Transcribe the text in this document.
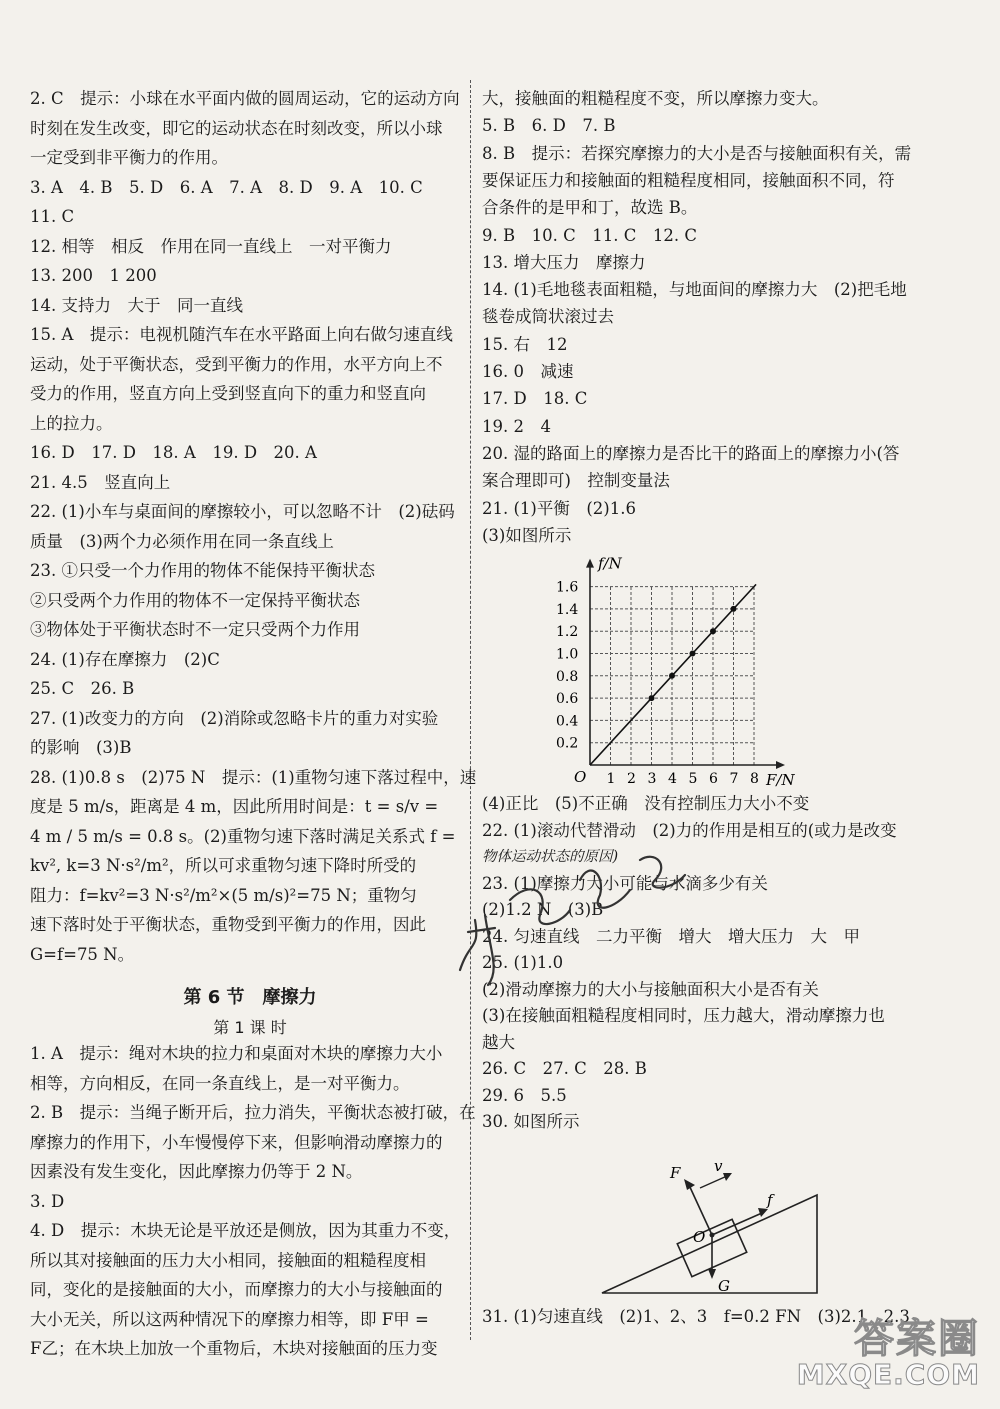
2. C　提示：小球在水平面内做的圆周运动，它的运动方向
时刻在发生改变，即它的运动状态在时刻改变，所以小球
一定受到非平衡力的作用。
3. A　4. B　5. D　6. A　7. A　8. D　9. A　10. C
11. C
12. 相等　相反　作用在同一直线上　一对平衡力
13. 200　1 200
14. 支持力　大于　同一直线
15. A　提示：电视机随汽车在水平路面上向右做匀速直线
运动，处于平衡状态，受到平衡力的作用，水平方向上不
受力的作用，竖直方向上受到竖直向下的重力和竖直向
上的拉力。
16. D　17. D　18. A　19. D　20. A
21. 4.5　竖直向上
22. (1)小车与桌面间的摩擦较小，可以忽略不计　(2)砝码
质量　(3)两个力必须作用在同一条直线上
23. ①只受一个力作用的物体不能保持平衡状态
②只受两个力作用的物体不一定保持平衡状态
③物体处于平衡状态时不一定只受两个力作用
24. (1)存在摩擦力　(2)C
25. C　26. B
27. (1)改变力的方向　(2)消除或忽略卡片的重力对实验
的影响　(3)B
28. (1)0.8 s　(2)75 N　提示：(1)重物匀速下落过程中，速
度是 5 m/s，距离是 4 m，因此所用时间是：t = s/v =
4 m / 5 m/s = 0.8 s。(2)重物匀速下落时满足关系式 f =
kv², k=3 N·s²/m²，所以可求重物匀速下降时所受的
阻力：f=kv²=3 N·s²/m²×(5 m/s)²=75 N；重物匀
速下落时处于平衡状态，重物受到平衡力的作用，因此
G=f=75 N。
第 6 节　摩擦力
第 1 课 时
1. A　提示：绳对木块的拉力和桌面对木块的摩擦力大小
相等，方向相反，在同一条直线上，是一对平衡力。
2. B　提示：当绳子断开后，拉力消失，平衡状态被打破，在
摩擦力的作用下，小车慢慢停下来，但影响滑动摩擦力的
因素没有发生变化，因此摩擦力仍等于 2 N。
3. D
4. D　提示：木块无论是平放还是侧放，因为其重力不变，
所以其对接触面的压力大小相同，接触面的粗糙程度相
同，变化的是接触面的大小，而摩擦力的大小与接触面的
大小无关，所以这两种情况下的摩擦力相等，即 F甲 =
F乙；在木块上加放一个重物后，木块对接触面的压力变
1 2 3 4 5 6 7 8
0.2
0.4
0.6
0.8
1.0
1.2
1.4
1.6
O
f/N
F/N
F v
f
O
G
大，接触面的粗糙程度不变，所以摩擦力变大。
5. B　6. D　7. B
8. B　提示：若探究摩擦力的大小是否与接触面积有关，需
要保证压力和接触面的粗糙程度相同，接触面积不同，符
合条件的是甲和丁，故选 B。
9. B　10. C　11. C　12. C
13. 增大压力　摩擦力
14. (1)毛地毯表面粗糙，与地面间的摩擦力大　(2)把毛地
毯卷成筒状滚过去
15. 右　12
16. 0　减速
17. D　18. C
19. 2　4
20. 湿的路面上的摩擦力是否比干的路面上的摩擦力小(答
案合理即可)　控制变量法
21. (1)平衡　(2)1.6
(3)如图所示
(4)正比　(5)不正确　没有控制压力大小不变
22. (1)滚动代替滑动　(2)力的作用是相互的(或力是改变
物体运动状态的原因)
23. (1)摩擦力大小可能与水滴多少有关
(2)1.2 N　(3)B
24. 匀速直线　二力平衡　增大　增大压力　大　甲
25. (1)1.0
(2)滑动摩擦力的大小与接触面积大小是否有关
(3)在接触面粗糙程度相同时，压力越大，滑动摩擦力也
越大
26. C　27. C　28. B
29. 6　5.5
30. 如图所示
31. (1)匀速直线　(2)1、2、3　f=0.2 FN　(3)2.1　2.3
答案圈
MXQE.COM
